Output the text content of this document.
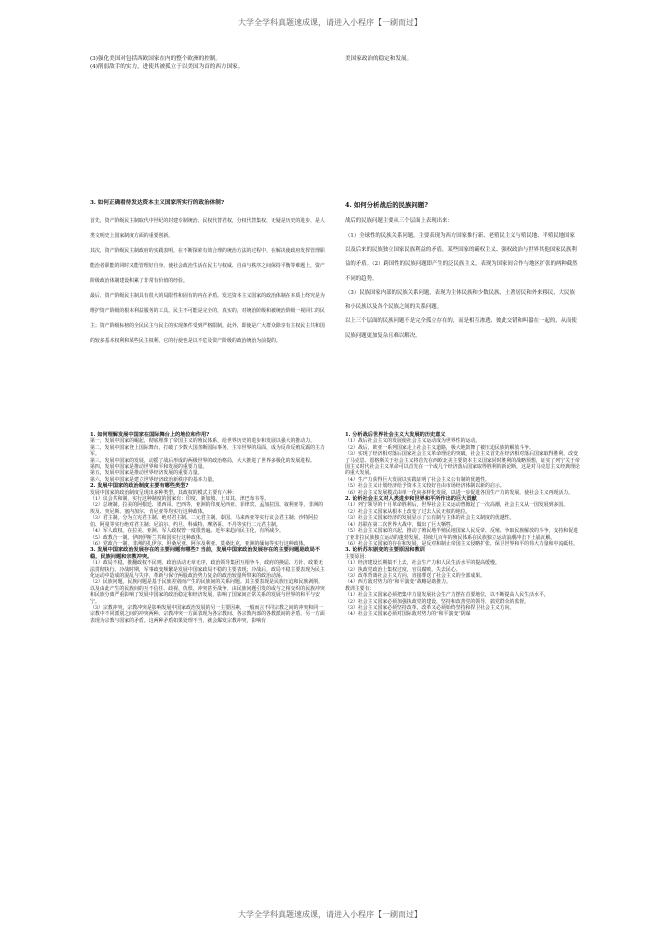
大学全学科真题速成课，请进入小程序【一刷而过】

(3)强化美国对包括西欧国家在内的整个欧洲的控制。

(4)削弱敌手的实力，进使其被孤立于以美国为首的西方国家。

美国家政治的稳定和发展。

3. 如何正确看待发达资本主义国家所实行的政治体制?

首先，资产阶级民主制取代中世纪的封建专制统治，民权代替君权，分权代替集权，无疑是历史的进步，是人类文明史上国家制度方面的重要创新。

其次，资产阶级民主制政府的实践表明，在不断探索有效合理的统治方法的过程中，在解决使政府发挥管理职能治者职能的同时又能管理好自身，使社会政治生活在民主与权威、自由与秩序之间保持平衡等难题上，资产阶级政治体制建设积累了非常有价值的经验。

最后，资产阶级民主制具有很大的局限性和固有的内在矛盾。发达资本主义国家的政治体制在本质上终究是为维护资产阶级的根本利益服务的工具。民主不可能是完全的，真实的，对统治阶级和被统治阶级一视同仁的民主；资产阶级标榜的全民民主与民主的实现条件受到严格限制。此外，即使是广大群众除享有主权民主共和国的较多基本权利和某些民主权利，它的行使也是以不危及资产阶级的政治统治为前提的。

4. 如何分析战后的民族问题?

战后的民族问题主要从三个层面上表现出来：

（1）全球性的民族关系问题，主要表现为西方国家推行新、老殖民主义与殖民地、半殖民地国家以及后来的民族独立国家民族利益的矛盾，某些国家的霸权主义、强权政治与世界其他国家民族利益的矛盾。（2）跨国性的民族问题即产生的泛民族主义，表现为国家间合作与地区扩张的两种截然不同的趋势。

（3）民族国家内部的民族关系问题，表现为主体民族和少数民族、土著居民和外来移民、大民族和小民族以及各个民族之间的关系问题。

以上三个层面的民族问题不是完全孤立存在的，而是相互渗透、彼此交错和叫嚣在一起的，从而使民族问题更加复杂且难以解决。

1. 如何理解发展中国家在国际舞台上的地位和作用?

第一，发展中国家的崛起，彻底埋葬了帝国主义的殖民体系，给世界历史的进步和发展以强大的推动力。

第二，发展中国家登上国际舞台，打破了少数大国垄断国际事务，主宰世界的局面，成为反帝反殖反霸的主力军。

第三，发展中国家的发展，动摇了战后形成的两极世界的政治格局，大大推进了世界多极化的发展进程。

第四，发展中国家是推动世界和平和发展的重要力量。

第五，发展中国家是推动世界经济发展的重要力量。

第六，发展中国家是建立世界经济政治新秩序的基本力量。

2. 发展中国家的政治制度主要有哪些类型?

发展中国家的政治制度呈现出多种类型。其政权的模式主要有六种：

（1）议会共和制，实行这种制度的国家有：印度、新加坡、土耳其、津巴布韦等。

（2）总统制。拉美的阿根廷、墨西哥、巴西等，亚洲的印度尼西亚、菲律宾，孟加拉国、叙利亚等，非洲的埃及、突尼斯、塞内加尔、肯尼亚等均实行这种政体。

（3）君主制。分为立宪君主制、绝对君主制、二元君主制。泰国、马来西亚等实行议会君主制；沙特阿拉伯、阿曼等实行绝对君主制；尼泊尔、约旦、科威特、摩洛哥、不丹等实行二元君主制。

（4）军人政权。在拉美、亚洲、军人政权曾一度很普遍。近年来趋向民主化，有所减少。

（5）政教合一制。伊朗伊斯兰共和国实行这种政体。

（6）党政合一制，非洲的扎伊尔、坦桑尼亚、阿尔及利亚、莫桑比克，亚洲的缅甸等实行这种政体。

3. 发展中国家政治发展存在的主要问题有哪些? 当前，发展中国家政治发展存在的主要问题是政局不稳，民族问题和宗教冲突。

（1）政局不稳。推翻政权不民则，政治活动无章无序，政治领导集团互相争斗，政府的换届、方针、政策无法贯彻执行。冷战时期，军事政变频繁是发展中国家政局不稳的主要表现；冷战后，政局不稳主要表现为民主化运动中造成的混乱与失序，革新与保守两股政治势力复杂的政治较量所带来的政治动荡。

（2）民族问题。民族问题是基于民族差别而产生的民族间的关系问题。其主要表现是民族压迫和民族剥削，以及由此产生的民族间的互不信任、歧视、仇恨、冲突甚至战争，由民族问题引发的或与之相交织的民族冲突和民族分离严重影响了发展中国家的政治稳定和经济发展，影响了国家间正常关系的发展与世界的和平与安宁。

（3）宗教冲突。宗教冲突是影响发展中国家政治发展的另一主要因素，一般而言不同宗教之间的冲突和同一宗教中不同派别之间的冲突两种。宗教冲突一方面表现为各宗教间、各宗教内部的各教派间的矛盾，另一方面表现为宗教与国家的矛盾。这两种矛盾如果处理不当，就会爆发宗教冲突，影响有

1. 分析战后世界社会主义大发展的历史意义

（1）战后社会主义的发展使社会主义运动成为世界性的运动。

（2）战后，欧亚一系列国家走上社会主义道路，极大地鼓舞了被压迫民族的解放斗争。

（3）实现了经济相对落后国家社会主义革命理论的突破。社会主义首先在经济相对落后国家取得胜利，改变了马克思、恩格斯关于社会主义将首先在西欧北美主要资本主义国家同时胜利的战略预想，证实了列宁关于帝国主义时代社会主义革命可以首先在一个或几个经济落后国家取得胜利的新论断，这是对马克思主义经典理论的重大发展。

（4）生产力获得巨大发展以实践证明了社会主义公有制的优越性。

（5）社会主义计划经济给予资本主义较好自由市场经济体制以新的启示。

（6）社会主义发展模式由单一化向多样化发展，以进一步促进各国生产力的发展，使社会主义再现活力。

2. 论析社会主义对人类进步和世界和平所作出的巨大贡献

（1）列宁领导的十月革命胜利后，世界社会主义运动曾掀起了一次高潮，社会主义从一国发展到多国。

（2）社会主义国家从根本上改变了过去人民无权的地位。

（3）社会主义国家经济的发展显示了公有制与主体的社会主义制度的优越性。

（4）苏联在第二次世界大战中，做出了巨大牺牲。

（5）社会主义国家的兴起，推动了殖民地半殖民地国家人民反帝、反殖、争取民族解放的斗争，支持和促进了亚非拉民族独立运动的蓬勃发展，持续几百年的殖民体系在民族独立运动浪潮冲击下土崩瓦解。

（6）社会主义国家的存在和发展，是反对和制止帝国主义侵略扩张，保卫世界和平的伟大力量和中流砥柱。

3. 论析苏东剧变的主要原因和教训

主要原因：

（1）经济建设长期搞不上去，社会生产力和人民生活水平的提高缓慢。

（2）执政党政治上集权过度，官员腐败，失去民心。

（3）改革背离社会主义方向，直接葬送了社会主义的全部成果。

（4）西方敌对势力的“和平演变”战略是助推力。

教训主要有：

（1）社会主义国家必须把集中力量发展社会生产力摆在首要地位，以不断提高人民生活水平。

（2）社会主义国家必须加强执政党的建设，坚持和改善党的领导，搞党群众的监督。

（3）社会主义国家必须坚持改革，改革又必须始终坚持和捍卫社会主义方向。

（4）社会主义国家必须对国际敌对势力的“和平演变”阴谋

大学全学科真题速成课，请进入小程序【一刷而过】
